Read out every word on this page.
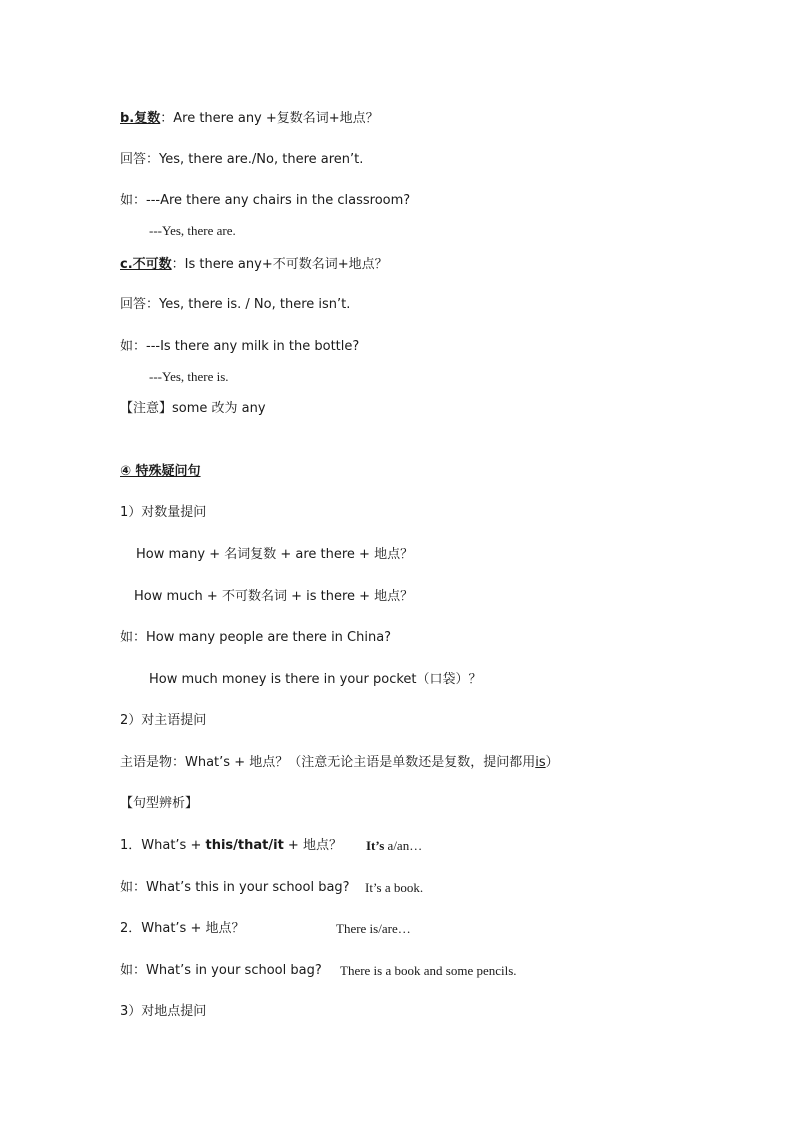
b.复数：Are there any +复数名词+地点？
回答：Yes, there are./No, there aren’t.
如：---Are there any chairs in the classroom?
---Yes, there are.
c.不可数：Is there any+不可数名词+地点？
回答：Yes, there is. / No, there isn’t.
如：---Is there any milk in the bottle?
---Yes, there is.
【注意】some 改为 any
④ 特殊疑问句
1）对数量提问
How many + 名词复数 + are there + 地点？
How much + 不可数名词 + is there + 地点？
如：How many people are there in China?
How much money is there in your pocket（口袋）？
2）对主语提问
主语是物：What’s + 地点？（注意无论主语是单数还是复数，提问都用is）
【句型辨析】
1．What’s + this/that/it + 地点？ It’s a/an…
如：What’s this in your school bag? It’s a book.
2．What’s + 地点？	There is/are…
如：What’s in your school bag? There is a book and some pencils.
3）对地点提问
